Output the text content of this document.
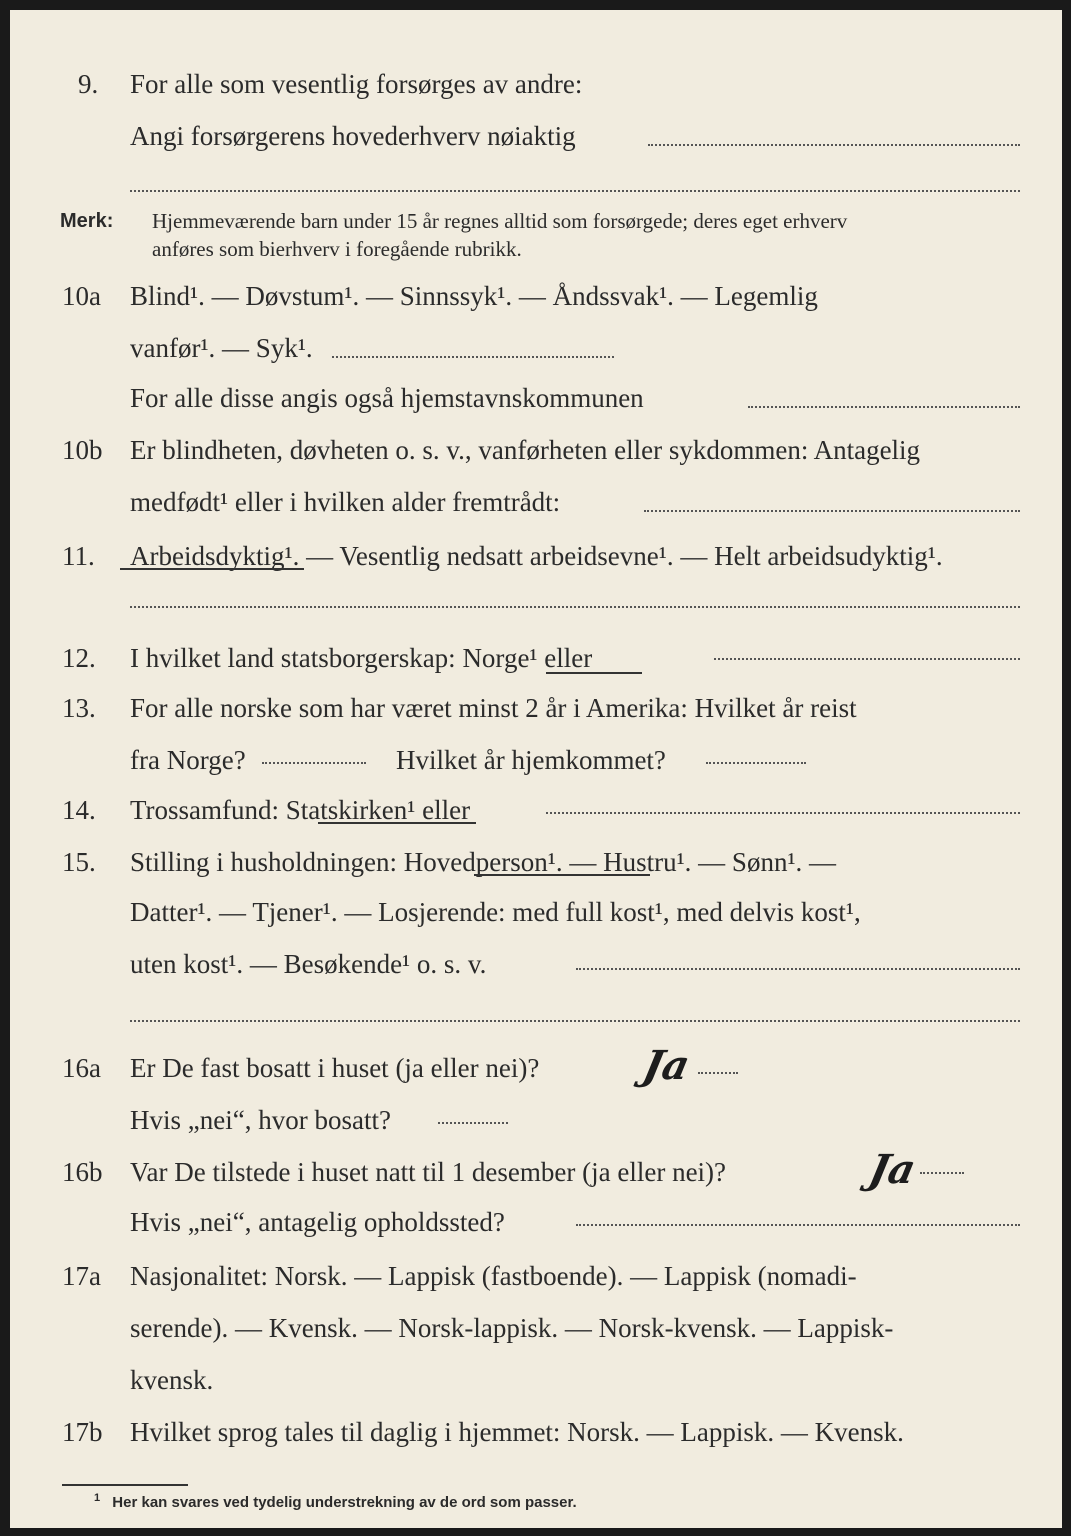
9. For alle som vesentlig forsørges av andre:
Angi forsørgerens hovederhverv nøiaktig
Merk: Hjemmeværende barn under 15 år regnes alltid som forsørgede; deres eget erhverv
anføres som bierhverv i foregående rubrikk.
10a Blind¹. — Døvstum¹. — Sinnssyk¹. — Åndssvak¹. — Legemlig
vanfør¹. — Syk¹.
For alle disse angis også hjemstavnskommunen
10b Er blindheten, døvheten o. s. v., vanførheten eller sykdommen: Antagelig
medfødt¹ eller i hvilken alder fremtrådt:
11. Arbeidsdyktig¹. — Vesentlig nedsatt arbeidsevne¹. — Helt arbeidsudyktig¹.
12. I hvilket land statsborgerskap: Norge¹ eller
13. For alle norske som har været minst 2 år i Amerika: Hvilket år reist
fra Norge?	Hvilket år hjemkommet?
14. Trossamfund: Statskirken¹ eller
15. Stilling i husholdningen: Hovedperson¹. — Hustru¹. — Sønn¹. —
Datter¹. — Tjener¹. — Losjerende: med full kost¹, med delvis kost¹,
uten kost¹. — Besøkende¹ o. s. v.
16a Er De fast bosatt i huset (ja eller nei)? Ja
Hvis „nei“, hvor bosatt?
16b Var De tilstede i huset natt til 1 desember (ja eller nei)?	Ja
Hvis „nei“, antagelig opholdssted?
17a Nasjonalitet: Norsk. — Lappisk (fastboende). — Lappisk (nomadi-
serende). — Kvensk. — Norsk-lappisk. — Norsk-kvensk. — Lappisk-
kvensk.
17b Hvilket sprog tales til daglig i hjemmet: Norsk. — Lappisk. — Kvensk.
$^1$ Her kan svares ved tydelig understrekning av de ord som passer.
